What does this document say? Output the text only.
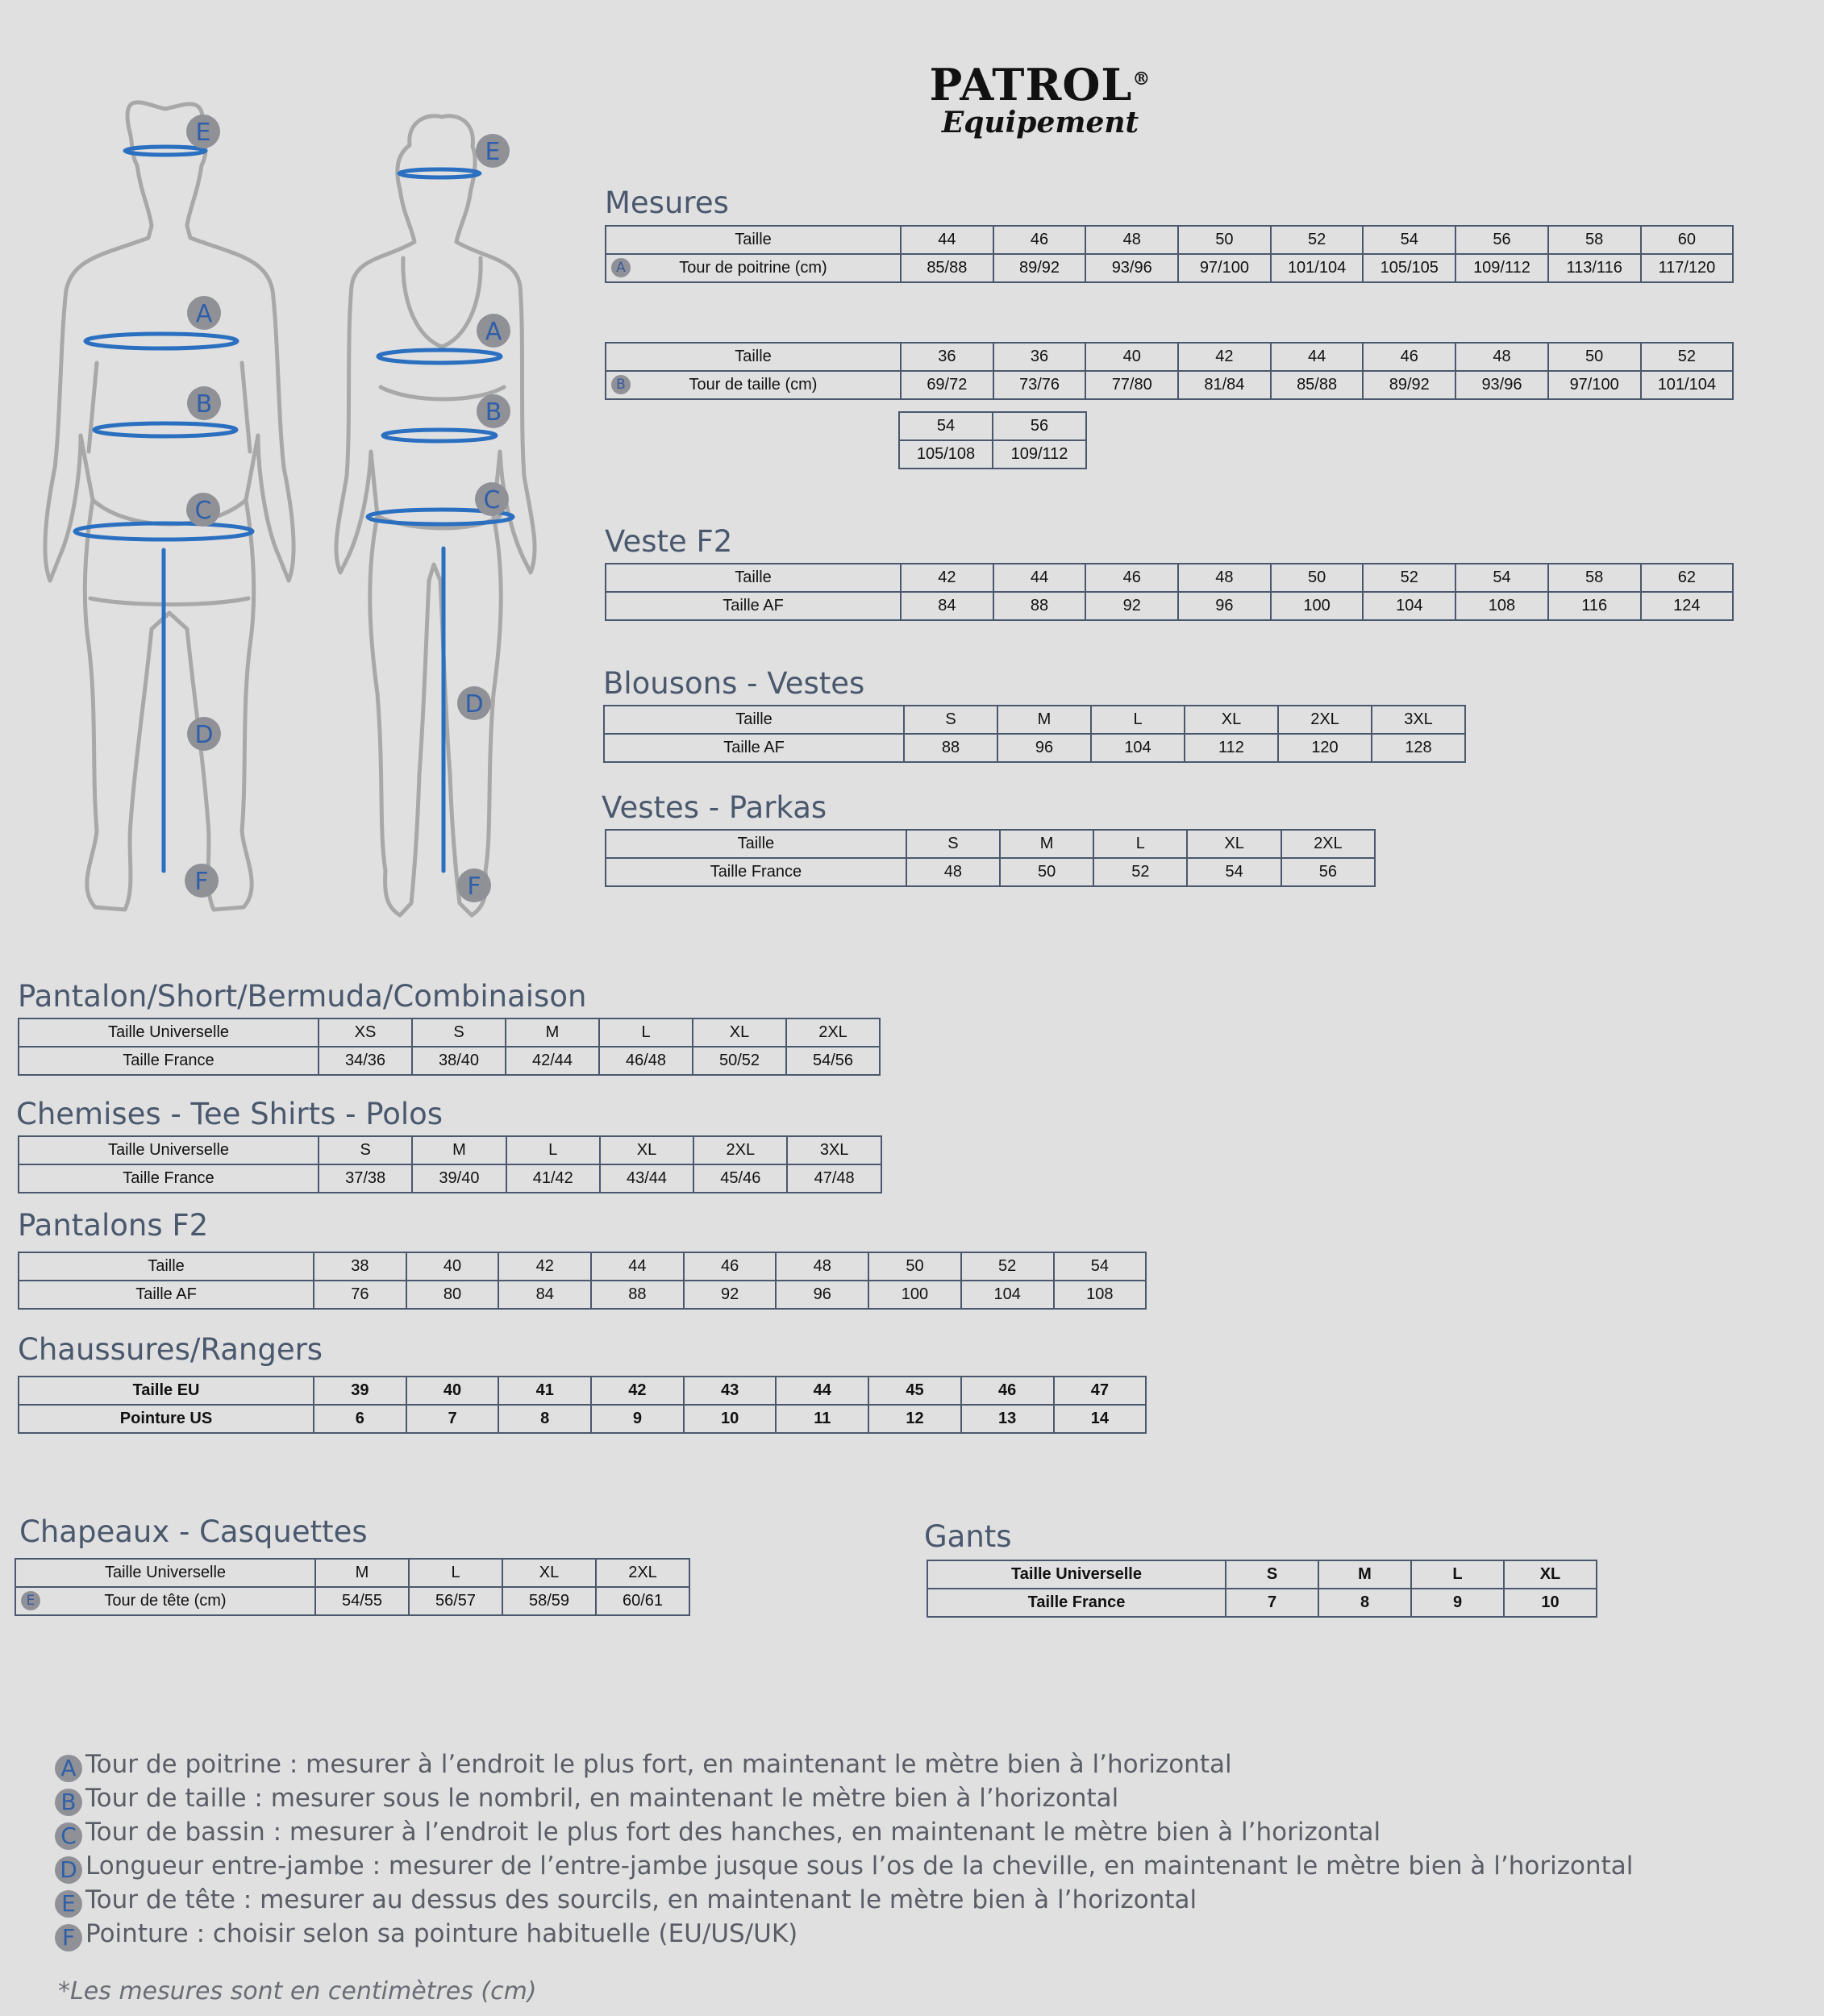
E
A
B
C
D
F
E
A
B
C
D
F
PATROL®
Equipement
Mesures
Taille	44	46	48	50	52	54	56	58	60

A Tour de poitrine (cm)	85/88	89/92	93/96	97/100	101/104	105/105	109/112	113/116	117/120
Taille	36	36	40	42	44	46	48	50	52

B Tour de taille (cm)	69/72	73/76	77/80	81/84	85/88	89/92	93/96	97/100	101/104
54	56
105/108	109/112
Veste F2
Taille	42	44	46	48	50	52	54	58	62
Taille AF	84	88	92	96	100	104	108	116	124
Blousons - Vestes
Taille	S	M	L	XL	2XL	3XL
Taille AF	88	96	104	112	120	128
Vestes - Parkas
Taille	S	M	L	XL	2XL
Taille France	48	50	52	54	56
Pantalon/Short/Bermuda/Combinaison
Taille Universelle	XS	S	M	L	XL	2XL
Taille France	34/36	38/40	42/44	46/48	50/52	54/56
Chemises - Tee Shirts - Polos
Taille Universelle	S	M	L	XL	2XL	3XL
Taille France	37/38	39/40	41/42	43/44	45/46	47/48
Pantalons F2
Taille	38	40	42	44	46	48	50	52	54
Taille AF	76	80	84	88	92	96	100	104	108
Chaussures/Rangers
Taille EU	39	40	41	42	43	44	45	46	47
Pointure US	6	7	8	9	10	11	12	13	14
Chapeaux - Casquettes
Taille Universelle	M	L	XL	2XL

E Tour de tête (cm)	54/55	56/57	58/59	60/61
Gants
Taille Universelle	S	M	L	XL
Taille France	7	8	9	10
A Tour de poitrine : mesurer à l’endroit le plus fort, en maintenant le mètre bien à l’horizontal
B Tour de taille : mesurer sous le nombril, en maintenant le mètre bien à l’horizontal
C Tour de bassin : mesurer à l’endroit le plus fort des hanches, en maintenant le mètre bien à l’horizontal
D Longueur entre-jambe : mesurer de l’entre-jambe jusque sous l’os de la cheville, en maintenant le mètre bien à l’horizontal
E Tour de tête : mesurer au dessus des sourcils, en maintenant le mètre bien à l’horizontal
F Pointure : choisir selon sa pointure habituelle (EU/US/UK)
*Les mesures sont en centimètres (cm)
